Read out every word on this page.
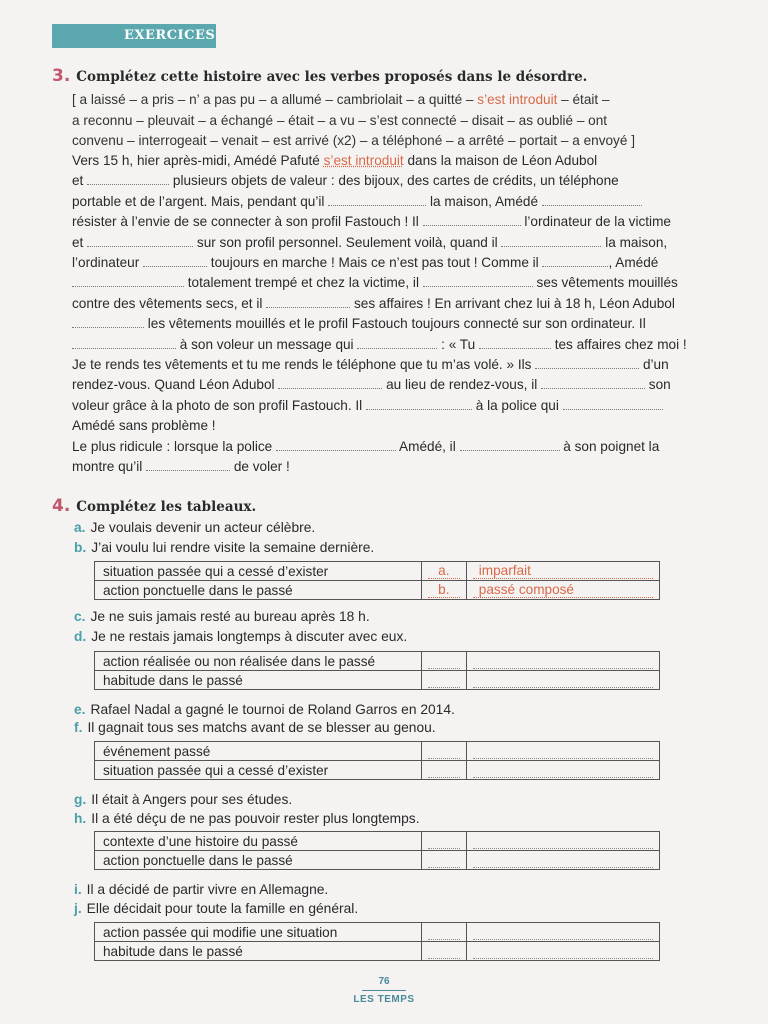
EXERCICES
3. Complétez cette histoire avec les verbes proposés dans le désordre.
[ a laissé – a pris – n’ a pas pu – a allumé – cambriolait – a quitté – s’est introduit – était –
a reconnu – pleuvait – a échangé – était – a vu – s’est connecté – disait – as oublié – ont
convenu – interrogeait – venait – est arrivé (x2) – a téléphoné – a arrêté – portait – a envoyé ]
Vers 15 h, hier après-midi, Amédé Pafuté s’est introduit dans la maison de Léon Adubol
et	plusieurs objets de valeur : des bijoux, des cartes de crédits, un téléphone
portable et de l’argent. Mais, pendant qu’il	la maison, Amédé
résister à l’envie de se connecter à son profil Fastouch ! Il	l’ordinateur de la victime
et	sur son profil personnel. Seulement voilà, quand il	la maison,
l’ordinateur	toujours en marche ! Mais ce n’est pas tout ! Comme il	, Amédé
totalement trempé et chez la victime, il	ses vêtements mouillés
contre des vêtements secs, et il	ses affaires ! En arrivant chez lui à 18 h, Léon Adubol
les vêtements mouillés et le profil Fastouch toujours connecté sur son ordinateur. Il
à son voleur un message qui	: « Tu	tes affaires chez moi !
Je te rends tes vêtements et tu me rends le téléphone que tu m’as volé. » Ils	d’un
rendez-vous. Quand Léon Adubol	au lieu de rendez-vous, il	son
voleur grâce à la photo de son profil Fastouch. Il	à la police qui
Amédé sans problème !
Le plus ridicule : lorsque la police	Amédé, il	à son poignet la
montre qu’il	de voler !
4. Complétez les tableaux.
a. Je voulais devenir un acteur célèbre.
b. J’ai voulu lui rendre visite la semaine dernière.
situation passée qui a cessé d’exister	a.	imparfait

action ponctuelle dans le passé	b.	passé composé
c. Je ne suis jamais resté au bureau après 18 h.
d. Je ne restais jamais longtemps à discuter avec eux.
action réalisée ou non réalisée dans le passé	

habitude dans le passé	

e. Rafael Nadal a gagné le tournoi de Roland Garros en 2014.
f. Il gagnait tous ses matchs avant de se blesser au genou.
événement passé	

situation passée qui a cessé d’exister	

g. Il était à Angers pour ses études.
h. Il a été déçu de ne pas pouvoir rester plus longtemps.
contexte d’une histoire du passé	

action ponctuelle dans le passé	

i. Il a décidé de partir vivre en Allemagne.
j. Elle décidait pour toute la famille en général.
action passée qui modifie une situation	

habitude dans le passé	

76
LES TEMPS
